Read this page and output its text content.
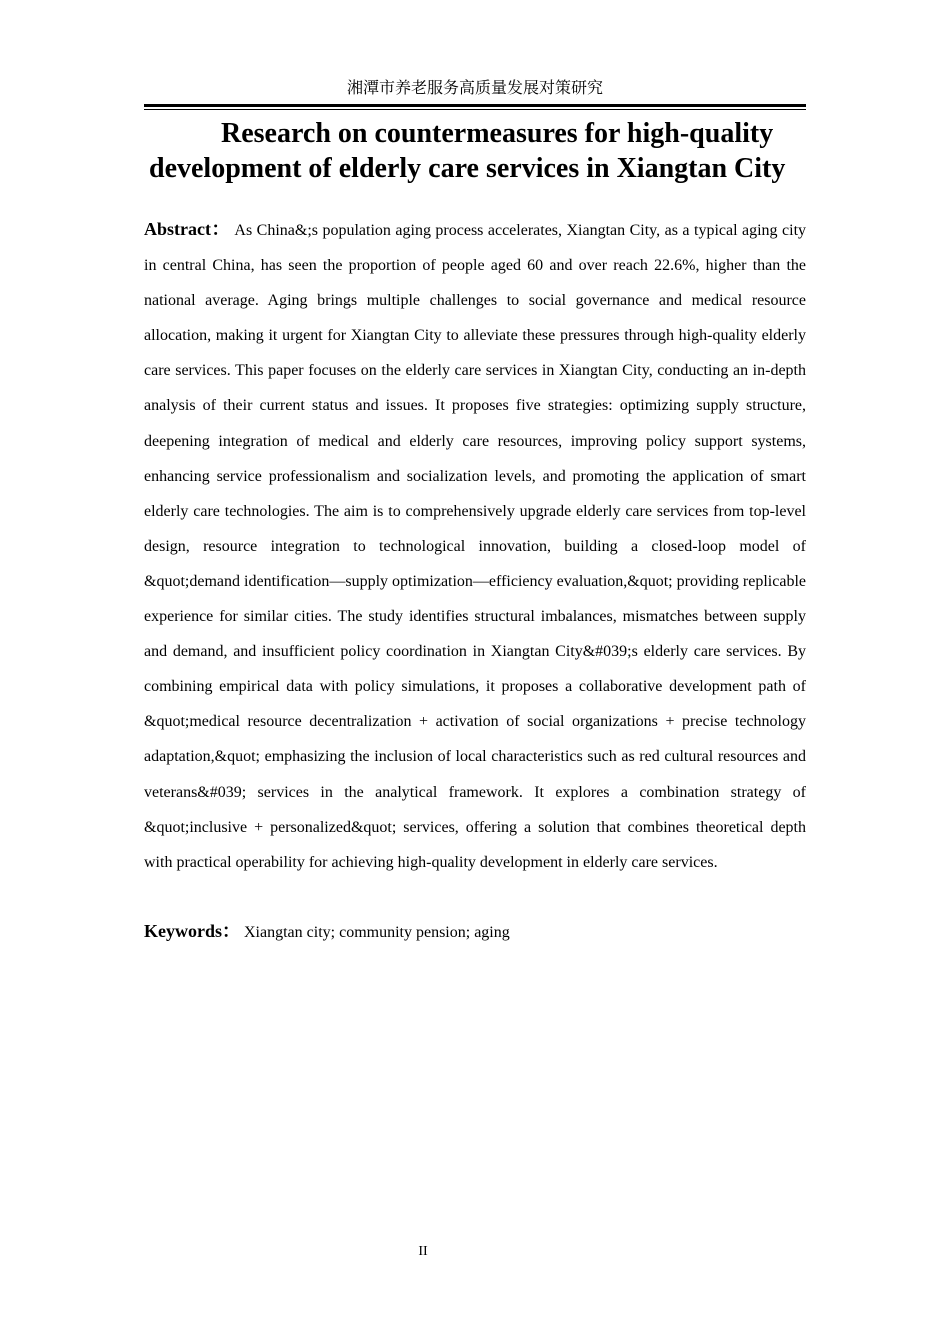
湘潭市养老服务高质量发展对策研究
Research on countermeasures for high-quality
development of elderly care services in Xiangtan City

Abstract： As China&;s population aging process accelerates, Xiangtan City, as a typical aging city in central China, has seen the proportion of people aged 60 and over reach 22.6%, higher than the national average. Aging brings multiple challenges to social governance and medical resource allocation, making it urgent for Xiangtan City to alleviate these pressures through high-quality elderly care services. This paper focuses on the elderly care services in Xiangtan City, conducting an in-depth analysis of their current status and issues. It proposes five strategies: optimizing supply structure, deepening integration of medical and elderly care resources, improving policy support systems, enhancing service professionalism and socialization levels, and promoting the application of smart elderly care technologies. The aim is to comprehensively upgrade elderly care services from top-level design, resource integration to technological innovation, building a closed-loop model of &quot;demand identification—supply optimization—efficiency evaluation,&quot; providing replicable experience for similar cities. The study identifies structural imbalances, mismatches between supply and demand, and insufficient policy coordination in Xiangtan City&#039;s elderly care services. By combining empirical data with policy simulations, it proposes a collaborative development path of &quot;medical resource decentralization + activation of social organizations + precise technology adaptation,&quot; emphasizing the inclusion of local characteristics such as red cultural resources and veterans&#039; services in the analytical framework. It explores a combination strategy of &quot;inclusive + personalized&quot; services, offering a solution that combines theoretical depth with practical operability for achieving high-quality development in elderly care services.

Keywords： Xiangtan city; community pension; aging

II
